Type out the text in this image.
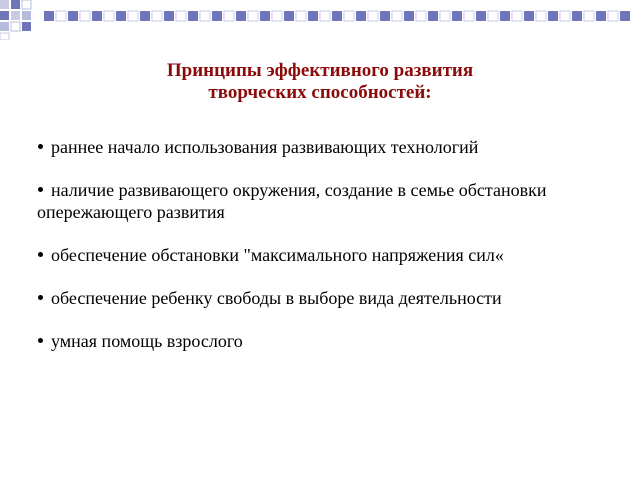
Принципы эффективного развития
творческих способностей:
раннее начало использования развивающих технологий
наличие развивающего окружения, создание в семье обстановки опережающего развития
обеспечение обстановки "максимального напряжения сил«
обеспечение ребенку свободы в выборе вида деятельности
умная помощь взрослого
